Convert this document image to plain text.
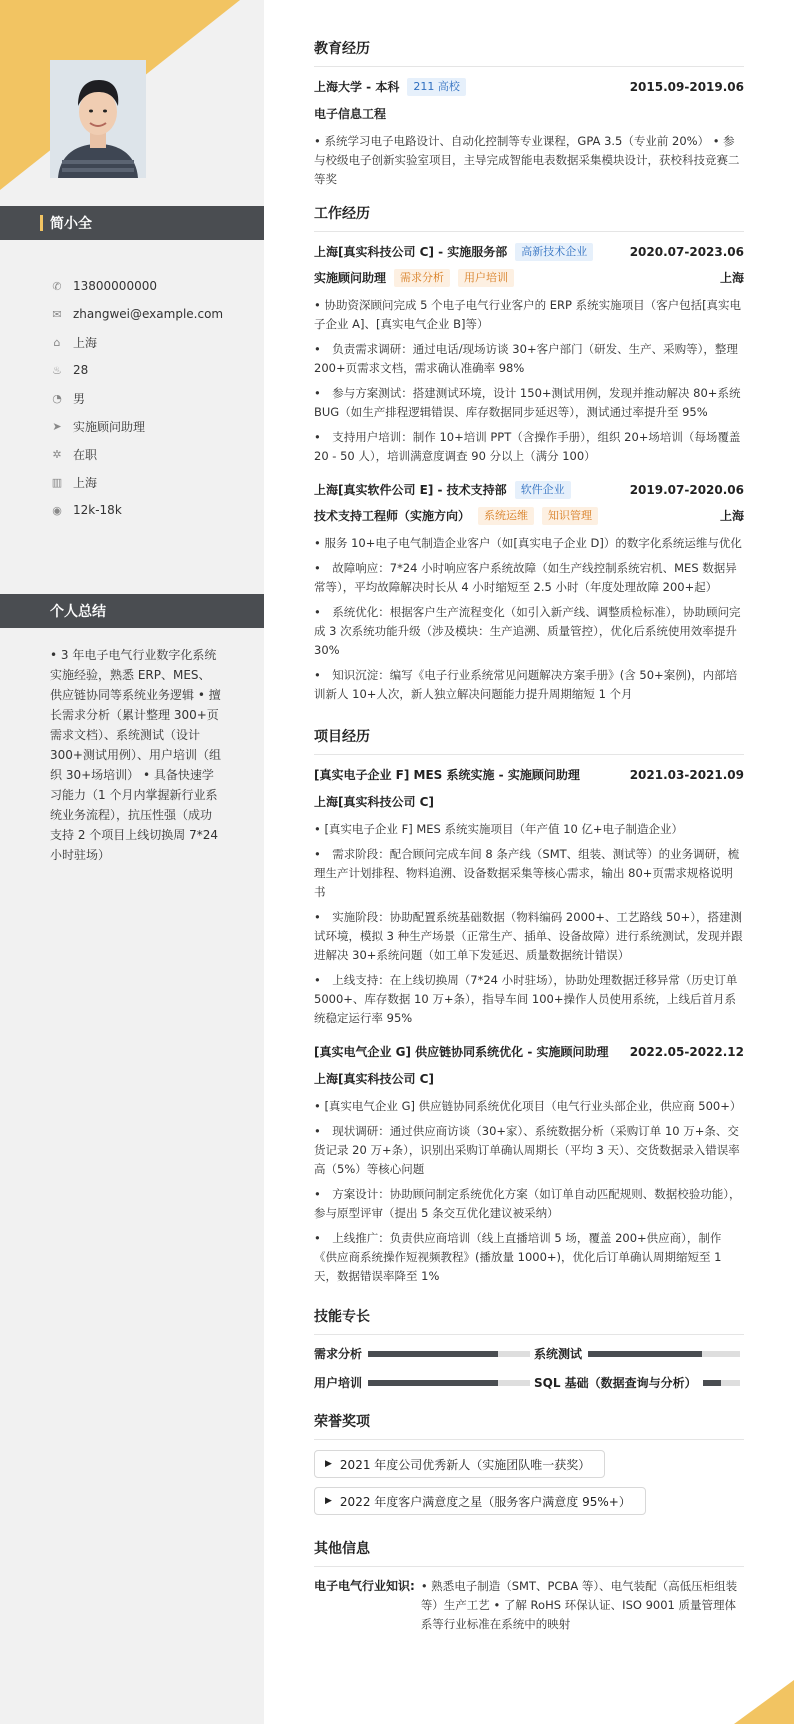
简小全
✆ 13800000000
✉ zhangwei@example.com
⌂ 上海
♨ 28
◔ 男
➤ 实施顾问助理
✲ 在职
▥ 上海
◉ 12k-18k
个人总结
• 3 年电子电气行业数字化系统实施经验，熟悉 ERP、MES、供应链协同等系统业务逻辑 • 擅长需求分析（累计整理 300+页需求文档）、系统测试（设计 300+测试用例）、用户培训（组织 30+场培训） • 具备快速学习能力（1 个月内掌握新行业系统业务流程），抗压性强（成功支持 2 个项目上线切换周 7*24 小时驻场）
教育经历
上海大学 - 本科	211 高校	2015.09-2019.06
电子信息工程
• 系统学习电子电路设计、自动化控制等专业课程，GPA 3.5（专业前 20%） • 参与校级电子创新实验室项目，主导完成智能电表数据采集模块设计，获校科技竞赛二等奖
工作经历
上海[真实科技公司 C] - 实施服务部	高新技术企业	2020.07-2023.06
实施顾问助理	需求分析	用户培训	上海
• 协助资深顾问完成 5 个电子电气行业客户的 ERP 系统实施项目（客户包括[真实电子企业 A]、[真实电气企业 B]等）
•　负责需求调研：通过电话/现场访谈 30+客户部门（研发、生产、采购等），整理 200+页需求文档，需求确认准确率 98%
•　参与方案测试：搭建测试环境，设计 150+测试用例，发现并推动解决 80+系统 BUG（如生产排程逻辑错误、库存数据同步延迟等），测试通过率提升至 95%
•　支持用户培训：制作 10+培训 PPT（含操作手册），组织 20+场培训（每场覆盖 20 - 50 人），培训满意度调查 90 分以上（满分 100）
上海[真实软件公司 E] - 技术支持部	软件企业	2019.07-2020.06
技术支持工程师（实施方向）	系统运维	知识管理	上海
• 服务 10+电子电气制造企业客户（如[真实电子企业 D]）的数字化系统运维与优化
•　故障响应：7*24 小时响应客户系统故障（如生产线控制系统宕机、MES 数据异常等），平均故障解决时长从 4 小时缩短至 2.5 小时（年度处理故障 200+起）
•　系统优化：根据客户生产流程变化（如引入新产线、调整质检标准），协助顾问完成 3 次系统功能升级（涉及模块：生产追溯、质量管控），优化后系统使用效率提升 30%
•　知识沉淀：编写《电子行业系统常见问题解决方案手册》(含 50+案例)，内部培训新人 10+人次，新人独立解决问题能力提升周期缩短 1 个月
项目经历
[真实电子企业 F] MES 系统实施 - 实施顾问助理	2021.03-2021.09
上海[真实科技公司 C]
• [真实电子企业 F] MES 系统实施项目（年产值 10 亿+电子制造企业）
•　需求阶段：配合顾问完成车间 8 条产线（SMT、组装、测试等）的业务调研，梳理生产计划排程、物料追溯、设备数据采集等核心需求，输出 80+页需求规格说明书
•　实施阶段：协助配置系统基础数据（物料编码 2000+、工艺路线 50+），搭建测试环境，模拟 3 种生产场景（正常生产、插单、设备故障）进行系统测试，发现并跟进解决 30+系统问题（如工单下发延迟、质量数据统计错误）
•　上线支持：在上线切换周（7*24 小时驻场），协助处理数据迁移异常（历史订单 5000+、库存数据 10 万+条），指导车间 100+操作人员使用系统，上线后首月系统稳定运行率 95%
[真实电气企业 G] 供应链协同系统优化 - 实施顾问助理 2022.05-2022.12
上海[真实科技公司 C]
• [真实电气企业 G] 供应链协同系统优化项目（电气行业头部企业，供应商 500+）
•　现状调研：通过供应商访谈（30+家）、系统数据分析（采购订单 10 万+条、交货记录 20 万+条），识别出采购订单确认周期长（平均 3 天）、交货数据录入错误率高（5%）等核心问题
•　方案设计：协助顾问制定系统优化方案（如订单自动匹配规则、数据校验功能），参与原型评审（提出 5 条交互优化建议被采纳）
•　上线推广：负责供应商培训（线上直播培训 5 场，覆盖 200+供应商），制作《供应商系统操作短视频教程》(播放量 1000+)，优化后订单确认周期缩短至 1 天，数据错误率降至 1%
技能专长
需求分析	系统测试
用户培训	SQL 基础（数据查询与分析）
荣誉奖项
▶ 2021 年度公司优秀新人（实施团队唯一获奖）
▶ 2022 年度客户满意度之星（服务客户满意度 95%+）
其他信息
电子电气行业知识: • 熟悉电子制造（SMT、PCBA 等）、电气装配（高低压柜组装等）生产工艺 • 了解 RoHS 环保认证、ISO 9001 质量管理体系等行业标准在系统中的映射
